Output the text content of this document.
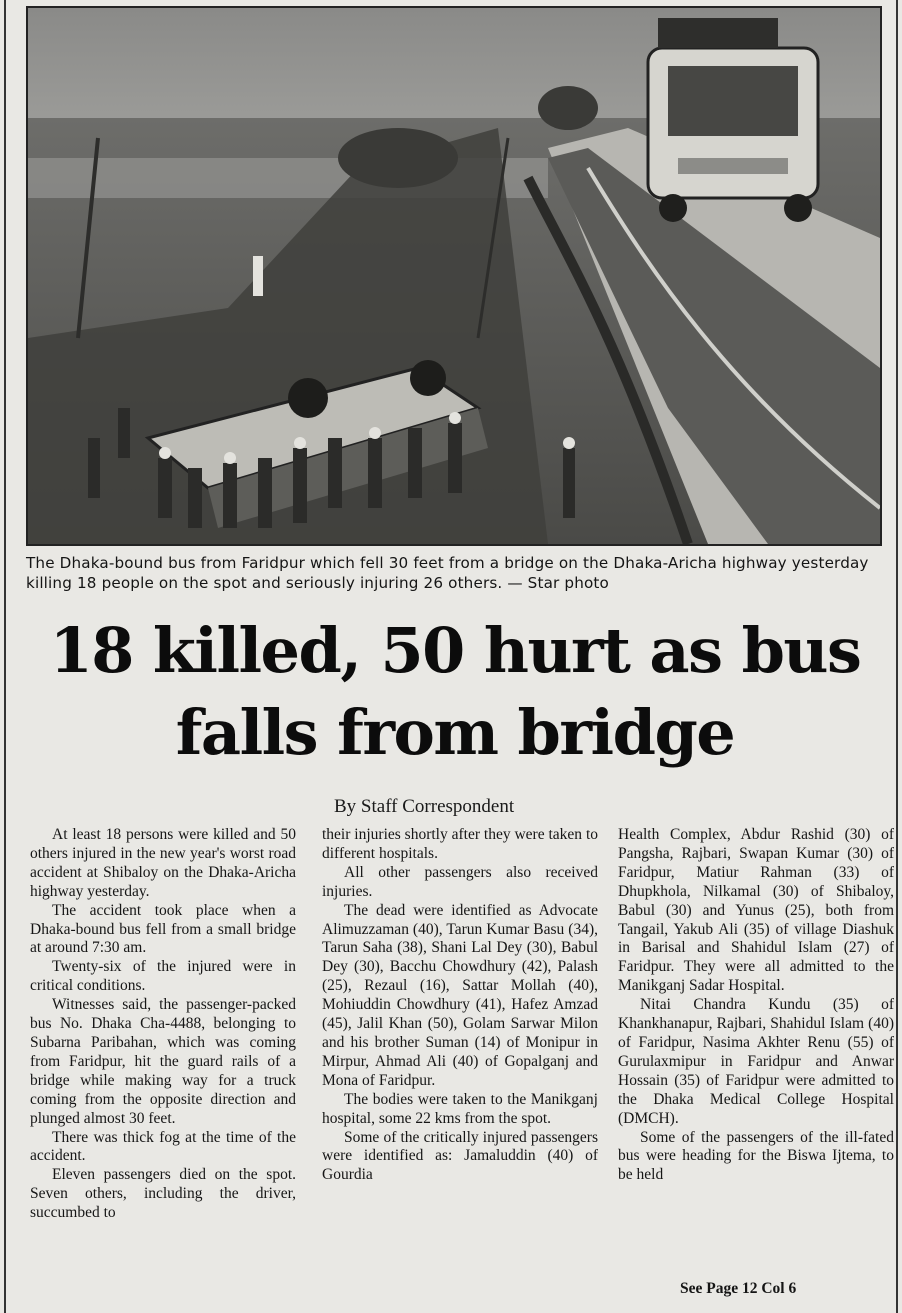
The Dhaka-bound bus from Faridpur which fell 30 feet from a bridge on the Dhaka-Aricha highway yesterday killing 18 people on the spot and seriously injuring 26 others. — Star photo
18 killed, 50 hurt as bus
falls from bridge
By Staff Correspondent

At least 18 persons were killed and 50 others injured in the new year's worst road accident at Shibaloy on the Dhaka-Aricha highway yesterday.

The accident took place when a Dhaka-bound bus fell from a small bridge at around 7:30 am.

Twenty-six of the injured were in critical conditions.

Witnesses said, the passenger-packed bus No. Dhaka Cha-4488, belonging to Subarna Paribahan, which was coming from Faridpur, hit the guard rails of a bridge while making way for a truck coming from the opposite direction and plunged almost 30 feet.

There was thick fog at the time of the accident.

Eleven passengers died on the spot. Seven others, including the driver, succumbed to

their injuries shortly after they were taken to different hospitals.

All other passengers also received injuries.

The dead were identified as Advocate Alimuzzaman (40), Tarun Kumar Basu (34), Tarun Saha (38), Shani Lal Dey (30), Babul Dey (30), Bacchu Chowdhury (42), Palash (25), Rezaul (16), Sattar Mollah (40), Mohiuddin Chowdhury (41), Hafez Amzad (45), Jalil Khan (50), Golam Sarwar Milon and his brother Suman (14) of Monipur in Mirpur, Ahmad Ali (40) of Gopalganj and Mona of Faridpur.

The bodies were taken to the Manikganj hospital, some 22 kms from the spot.

Some of the critically injured passengers were identified as: Jamaluddin (40) of Gourdia

Health Complex, Abdur Rashid (30) of Pangsha, Rajbari, Swapan Kumar (30) of Faridpur, Matiur Rahman (33) of Dhupkhola, Nilkamal (30) of Shibaloy, Babul (30) and Yunus (25), both from Tangail, Yakub Ali (35) of village Diashuk in Barisal and Shahidul Islam (27) of Faridpur. They were all admitted to the Manikganj Sadar Hospital.

Nitai Chandra Kundu (35) of Khankhanapur, Rajbari, Shahidul Islam (40) of Faridpur, Nasima Akhter Renu (55) of Gurulaxmipur in Faridpur and Anwar Hossain (35) of Faridpur were admitted to the Dhaka Medical College Hospital (DMCH).

Some of the passengers of the ill-fated bus were heading for the Biswa Ijtema, to be held

See Page 12 Col 6
